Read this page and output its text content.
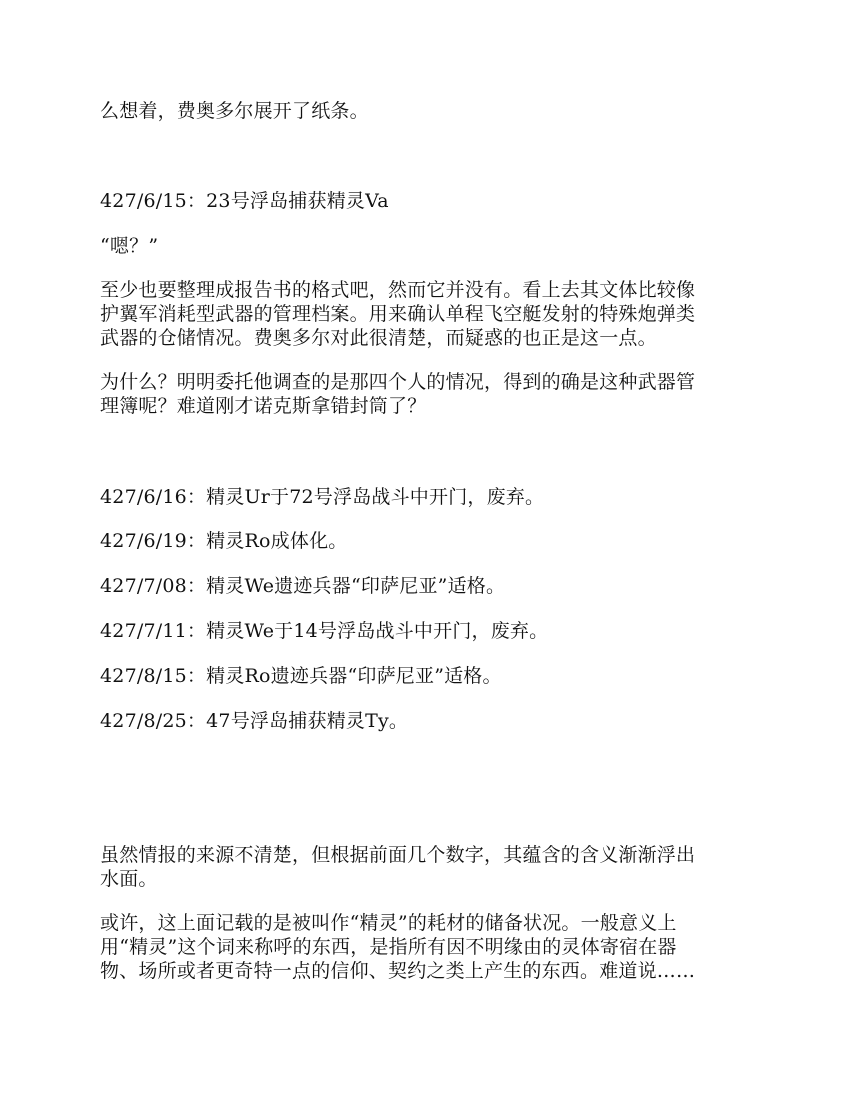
么想着，费奥多尔展开了纸条。

427/6/15：23号浮岛捕获精灵Va

“嗯？”

至少也要整理成报告书的格式吧，然而它并没有。看上去其文体比较像
护翼军消耗型武器的管理档案。用来确认单程飞空艇发射的特殊炮弹类
武器的仓储情况。费奥多尔对此很清楚，而疑惑的也正是这一点。

为什么？明明委托他调查的是那四个人的情况，得到的确是这种武器管
理簿呢？难道刚才诺克斯拿错封筒了？

427/6/16：精灵Ur于72号浮岛战斗中开门，废弃。

427/6/19：精灵Ro成体化。

427/7/08：精灵We遗迹兵器“印萨尼亚”适格。

427/7/11：精灵We于14号浮岛战斗中开门，废弃。

427/8/15：精灵Ro遗迹兵器“印萨尼亚”适格。

427/8/25：47号浮岛捕获精灵Ty。

虽然情报的来源不清楚，但根据前面几个数字，其蕴含的含义渐渐浮出
水面。

或许，这上面记载的是被叫作“精灵”的耗材的储备状况。一般意义上
用“精灵”这个词来称呼的东西，是指所有因不明缘由的灵体寄宿在器
物、场所或者更奇特一点的信仰、契约之类上产生的东西。难道说……
